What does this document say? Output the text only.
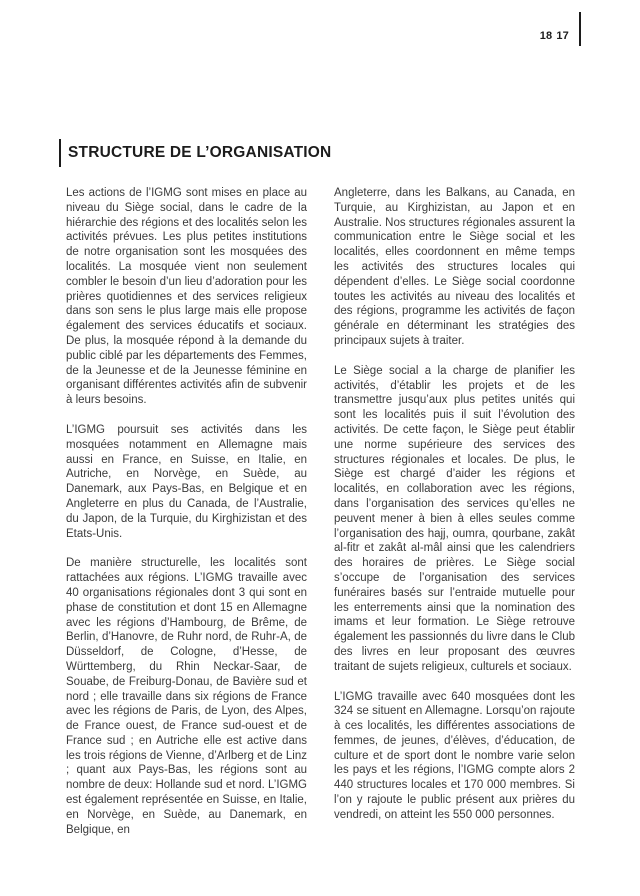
18 17
STRUCTURE DE L’ORGANISATION

Les actions de l’IGMG sont mises en place au niveau du Siège social, dans le cadre de la hiérarchie des régions et des localités selon les activités prévues. Les plus petites institutions de notre organisation sont les mosquées des localités. La mosquée vient non seulement combler le besoin d’un lieu d’adoration pour les prières quotidiennes et des services religieux dans son sens le plus large mais elle propose également des services éducatifs et sociaux. De plus, la mosquée répond à la demande du public ciblé par les départements des Femmes, de la Jeunesse et de la Jeunesse féminine en organisant différentes activités afin de subvenir à leurs besoins.

L’IGMG poursuit ses activités dans les mosquées notamment en Allemagne mais aussi en France, en Suisse, en Italie, en Autriche, en Norvège, en Suède, au Danemark, aux Pays-Bas, en Belgique et en Angleterre en plus du Canada, de l’Australie, du Japon, de la Turquie, du Kirghizistan et des Etats-Unis.

De manière structurelle, les localités sont rattachées aux régions. L’IGMG travaille avec 40 organisations régionales dont 3 qui sont en phase de constitution et dont 15 en Allemagne avec les régions d’Hambourg, de Brême, de Berlin, d’Hanovre, de Ruhr nord, de Ruhr-A, de Düsseldorf, de Cologne, d’Hesse, de Württemberg, du Rhin Neckar-Saar, de Souabe, de Freiburg-Donau, de Bavière sud et nord ; elle travaille dans six régions de France avec les régions de Paris, de Lyon, des Alpes, de France ouest, de France sud-ouest et de France sud ; en Autriche elle est active dans les trois régions de Vienne, d’Arlberg et de Linz ; quant aux Pays-Bas, les régions sont au nombre de deux: Hollande sud et nord. L’IGMG est également représentée en Suisse, en Italie, en Norvège, en Suède, au Danemark, en Belgique, en

Angleterre, dans les Balkans, au Canada, en Turquie, au Kirghizistan, au Japon et en Australie. Nos structures régionales assurent la communication entre le Siège social et les localités, elles coordonnent en même temps les activités des structures locales qui dépendent d’elles. Le Siège social coordonne toutes les activités au niveau des localités et des régions, programme les activités de façon générale en déterminant les stratégies des principaux sujets à traiter.

Le Siège social a la charge de planifier les activités, d’établir les projets et de les transmettre jusqu’aux plus petites unités qui sont les localités puis il suit l’évolution des activités. De cette façon, le Siège peut établir une norme supérieure des services des structures régionales et locales. De plus, le Siège est chargé d’aider les régions et localités, en collaboration avec les régions, dans l’organisation des services qu’elles ne peuvent mener à bien à elles seules comme l’organisation des hajj, oumra, qourbane, zakât al-fitr et zakât al-mâl ainsi que les calendriers des horaires de prières. Le Siège social s’occupe de l’organisation des services funéraires basés sur l’entraide mutuelle pour les enterrements ainsi que la nomination des imams et leur formation. Le Siège retrouve également les passionnés du livre dans le Club des livres en leur proposant des œuvres traitant de sujets religieux, culturels et sociaux.

L’IGMG travaille avec 640 mosquées dont les 324 se situent en Allemagne. Lorsqu’on rajoute à ces localités, les différentes associations de femmes, de jeunes, d’élèves, d’éducation, de culture et de sport dont le nombre varie selon les pays et les régions, l’IGMG compte alors 2 440 structures locales et 170 000 membres. Si l’on y rajoute le public présent aux prières du vendredi, on atteint les 550 000 personnes.
